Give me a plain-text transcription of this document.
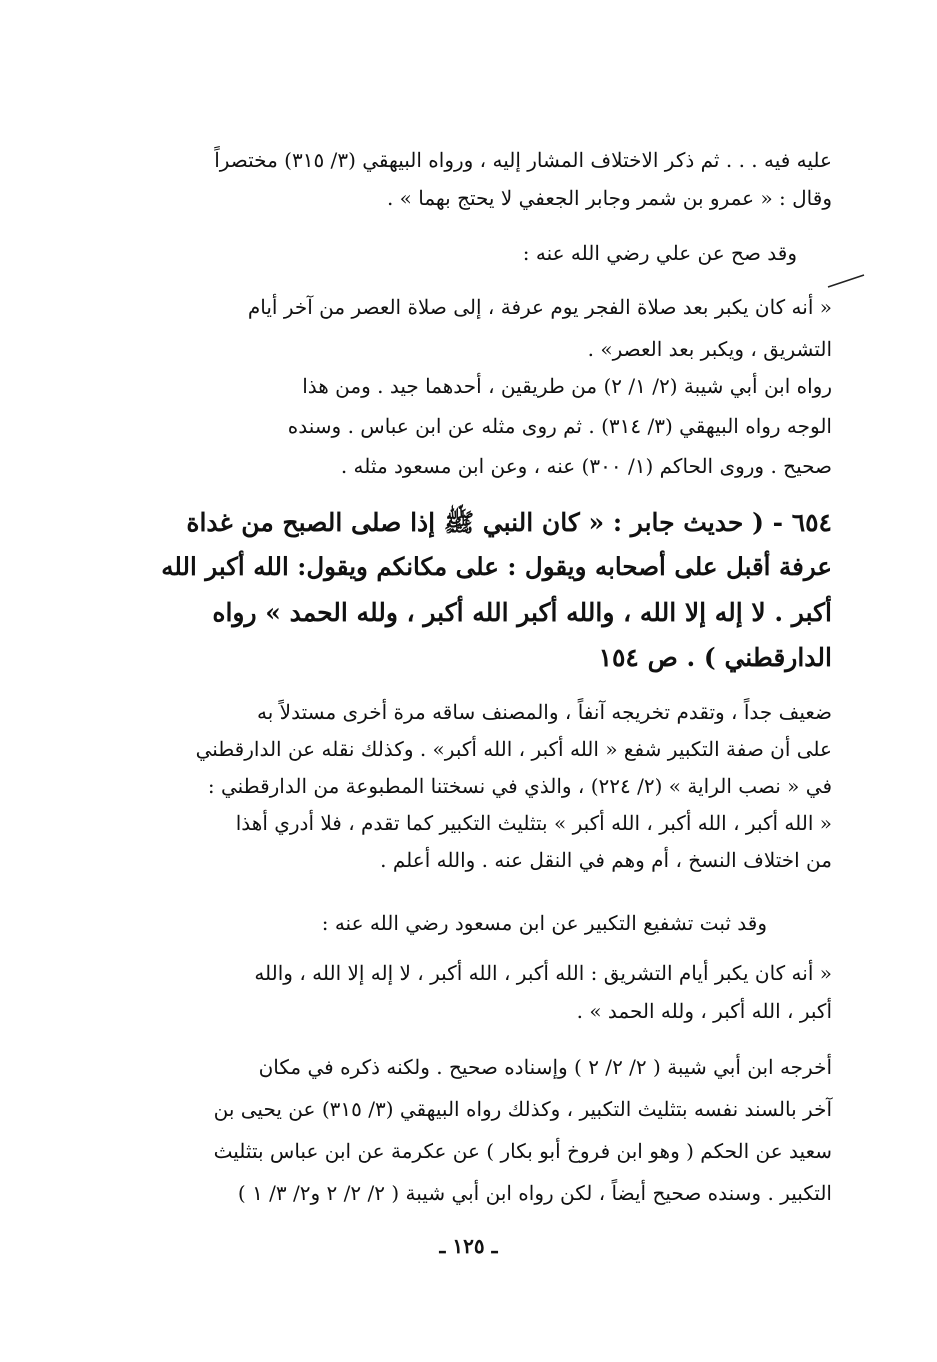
عليه فيه . . . ثم ذكر الاختلاف المشار إليه ، ورواه البيهقي (٣/ ٣١٥) مختصراً
وقال : « عمرو بن شمر وجابر الجعفي لا يحتج بهما » .
وقد صح عن علي رضي الله عنه :
« أنه كان يكبر بعد صلاة الفجر يوم عرفة ، إلى صلاة العصر من آخر أيام
التشريق ، ويكبر بعد العصر» .
رواه ابن أبي شيبة (٢/ ١/ ٢) من طريقين ، أحدهما جيد . ومن هذا
الوجه رواه البيهقي (٣/ ٣١٤) . ثم روى مثله عن ابن عباس . وسنده
صحيح . وروى الحاكم (١/ ٣٠٠) عنه ، وعن ابن مسعود مثله .
٦٥٤ - ( حديث جابر : « كان النبي ﷺ إذا صلى الصبح من غداة
عرفة أقبل على أصحابه ويقول : على مكانكم ويقول: الله أكبر الله
أكبر . لا إله إلا الله ، والله أكبر الله أكبر ، ولله الحمد » رواه
الدارقطني ) . ص ١٥٤
ضعيف جداً ، وتقدم تخريجه آنفاً ، والمصنف ساقه مرة أخرى مستدلاً به
على أن صفة التكبير شفع « الله أكبر ، الله أكبر» . وكذلك نقله عن الدارقطني
في « نصب الراية » (٢/ ٢٢٤) ، والذي في نسختنا المطبوعة من الدارقطني :
« الله أكبر ، الله أكبر ، الله أكبر » بتثليث التكبير كما تقدم ، فلا أدري أهذا
من اختلاف النسخ ، أم وهم في النقل عنه . والله أعلم .
وقد ثبت تشفيع التكبير عن ابن مسعود رضي الله عنه :
« أنه كان يكبر أيام التشريق : الله أكبر ، الله أكبر ، لا إله إلا الله ، والله
أكبر ، الله أكبر ، ولله الحمد » .
أخرجه ابن أبي شيبة ( ٢/ ٢/ ٢ ) وإسناده صحيح . ولكنه ذكره في مكان
آخر بالسند نفسه بتثليث التكبير ، وكذلك رواه البيهقي (٣/ ٣١٥) عن يحيى بن
سعيد عن الحكم ( وهو ابن فروخ أبو بكار ) عن عكرمة عن ابن عباس بتثليث
التكبير . وسنده صحيح أيضاً ، لكن رواه ابن أبي شيبة ( ٢/ ٢/ ٢ و٢/ ٣/ ١ )
ـ ١٢٥ ـ
